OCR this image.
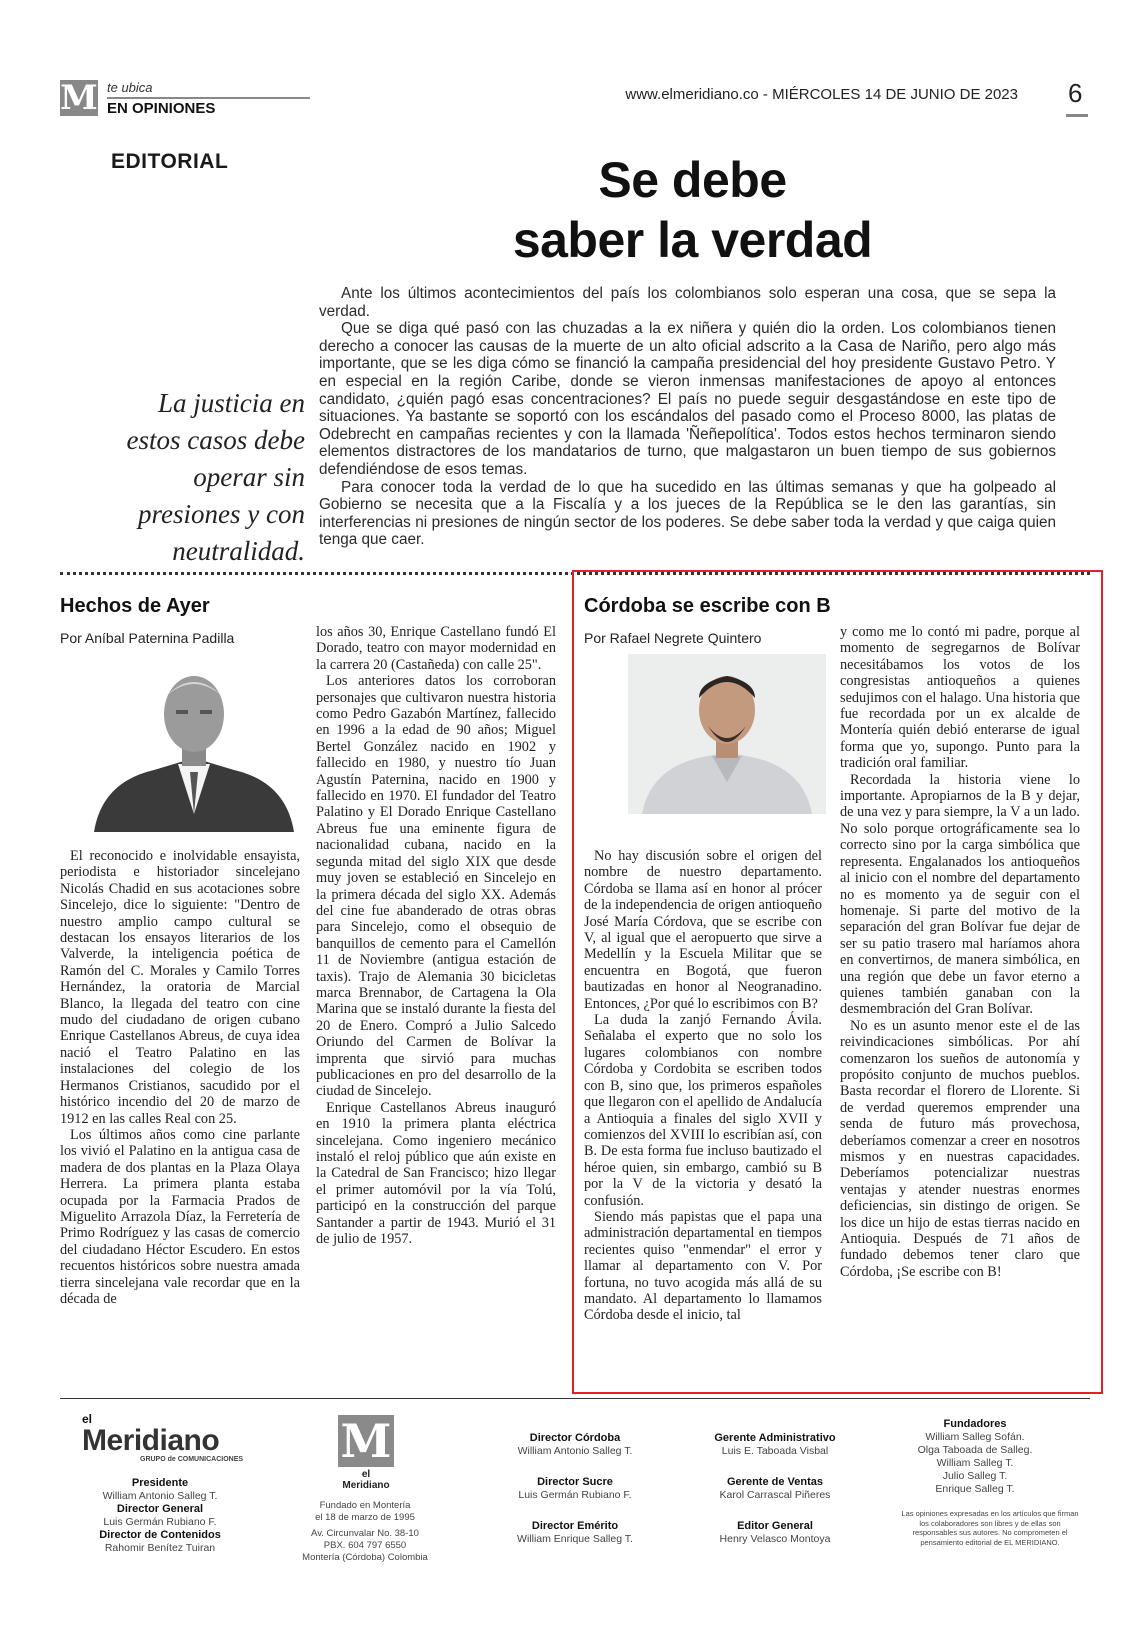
M te ubica
EN OPINIONES
www.elmeridiano.co - MIÉRCOLES 14 DE JUNIO DE 2023 6
EDITORIAL	Se debe
saber la verdad
La justicia en estos casos debe operar sin presiones y con neutralidad.

Ante los últimos acontecimientos del país los colombianos solo esperan una cosa, que se sepa la verdad.

Que se diga qué pasó con las chuzadas a la ex niñera y quién dio la orden. Los colombianos tienen derecho a conocer las causas de la muerte de un alto oficial adscrito a la Casa de Nariño, pero algo más importante, que se les diga cómo se financió la campaña presidencial del hoy presidente Gustavo Petro. Y en especial en la región Caribe, donde se vieron inmensas manifestaciones de apoyo al entonces candidato, ¿quién pagó esas concentraciones? El país no puede seguir desgastándose en este tipo de situaciones. Ya bastante se soportó con los escándalos del pasado como el Proceso 8000, las platas de Odebrecht en campañas recientes y con la llamada 'Ñeñepolítica'. Todos estos hechos terminaron siendo elementos distractores de los mandatarios de turno, que malgastaron un buen tiempo de sus gobiernos defendiéndose de esos temas.

Para conocer toda la verdad de lo que ha sucedido en las últimas semanas y que ha golpeado al Gobierno se necesita que a la Fiscalía y a los jueces de la República se le den las garantías, sin interferencias ni presiones de ningún sector de los poderes. Se debe saber toda la verdad y que caiga quien tenga que caer.

Hechos de Ayer
Por Aníbal Paternina Padilla

El reconocido e inolvidable ensayista, periodista e historiador sincelejano Nicolás Chadid en sus acotaciones sobre Sincelejo, dice lo siguiente: "Dentro de nuestro amplio campo cultural se destacan los ensayos literarios de los Valverde, la inteligencia poética de Ramón del C. Morales y Camilo Torres Hernández, la oratoria de Marcial Blanco, la llegada del teatro con cine mudo del ciudadano de origen cubano Enrique Castellanos Abreus, de cuya idea nació el Teatro Palatino en las instalaciones del colegio de los Hermanos Cristianos, sacudido por el histórico incendio del 20 de marzo de 1912 en las calles Real con 25.

Los últimos años como cine parlante los vivió el Palatino en la antigua casa de madera de dos plantas en la Plaza Olaya Herrera. La primera planta estaba ocupada por la Farmacia Prados de Miguelito Arrazola Díaz, la Ferretería de Primo Rodríguez y las casas de comercio del ciudadano Héctor Escudero. En estos recuentos históricos sobre nuestra amada tierra sincelejana vale recordar que en la década de

los años 30, Enrique Castellano fundó El Dorado, teatro con mayor modernidad en la carrera 20 (Castañeda) con calle 25".

Los anteriores datos los corroboran personajes que cultivaron nuestra historia como Pedro Gazabón Martínez, fallecido en 1996 a la edad de 90 años; Miguel Bertel González nacido en 1902 y fallecido en 1980, y nuestro tío Juan Agustín Paternina, nacido en 1900 y fallecido en 1970. El fundador del Teatro Palatino y El Dorado Enrique Castellano Abreus fue una eminente figura de nacionalidad cubana, nacido en la segunda mitad del siglo XIX que desde muy joven se estableció en Sincelejo en la primera década del siglo XX. Además del cine fue abanderado de otras obras para Sincelejo, como el obsequio de banquillos de cemento para el Camellón 11 de Noviembre (antigua estación de taxis). Trajo de Alemania 30 bicicletas marca Brennabor, de Cartagena la Ola Marina que se instaló durante la fiesta del 20 de Enero. Compró a Julio Salcedo Oriundo del Carmen de Bolívar la imprenta que sirvió para muchas publicaciones en pro del desarrollo de la ciudad de Sincelejo.

Enrique Castellanos Abreus inauguró en 1910 la primera planta eléctrica sincelejana. Como ingeniero mecánico instaló el reloj público que aún existe en la Catedral de San Francisco; hizo llegar el primer automóvil por la vía Tolú, participó en la construcción del parque Santander a partir de 1943. Murió el 31 de julio de 1957.

Córdoba se escribe con B
Por Rafael Negrete Quintero

No hay discusión sobre el origen del nombre de nuestro departamento. Córdoba se llama así en honor al prócer de la independencia de origen antioqueño José María Córdova, que se escribe con V, al igual que el aeropuerto que sirve a Medellín y la Escuela Militar que se encuentra en Bogotá, que fueron bautizadas en honor al Neogranadino. Entonces, ¿Por qué lo escribimos con B?

La duda la zanjó Fernando Ávila. Señalaba el experto que no solo los lugares colombianos con nombre Córdoba y Cordobita se escriben todos con B, sino que, los primeros españoles que llegaron con el apellido de Andalucía a Antioquia a finales del siglo XVII y comienzos del XVIII lo escribían así, con B. De esta forma fue incluso bautizado el héroe quien, sin embargo, cambió su B por la V de la victoria y desató la confusión.

Siendo más papistas que el papa una administración departamental en tiempos recientes quiso "enmendar" el error y llamar al departamento con V. Por fortuna, no tuvo acogida más allá de su mandato. Al departamento lo llamamos Córdoba desde el inicio, tal

y como me lo contó mi padre, porque al momento de segregarnos de Bolívar necesitábamos los votos de los congresistas antioqueños a quienes sedujimos con el halago. Una historia que fue recordada por un ex alcalde de Montería quién debió enterarse de igual forma que yo, supongo. Punto para la tradición oral familiar.

Recordada la historia viene lo importante. Apropiarnos de la B y dejar, de una vez y para siempre, la V a un lado. No solo porque ortográficamente sea lo correcto sino por la carga simbólica que representa. Engalanados los antioqueños al inicio con el nombre del departamento no es momento ya de seguir con el homenaje. Si parte del motivo de la separación del gran Bolívar fue dejar de ser su patio trasero mal haríamos ahora en convertirnos, de manera simbólica, en una región que debe un favor eterno a quienes también ganaban con la desmembración del Gran Bolívar.

No es un asunto menor este el de las reivindicaciones simbólicas. Por ahí comenzaron los sueños de autonomía y propósito conjunto de muchos pueblos. Basta recordar el florero de Llorente. Si de verdad queremos emprender una senda de futuro más provechosa, deberíamos comenzar a creer en nosotros mismos y en nuestras capacidades. Deberíamos potencializar nuestras ventajas y atender nuestras enormes deficiencias, sin distingo de origen. Se los dice un hijo de estas tierras nacido en Antioquia. Después de 71 años de fundado debemos tener claro que Córdoba, ¡Se escribe con B!

el
Meridiano
GRUPO de COMUNICACIONES
Presidente
William Antonio Salleg T.
Director General
Luis Germán Rubiano F.
Director de Contenidos
Rahomir Benítez Tuiran
M
el Meridiano
Fundado en Montería
el 18 de marzo de 1995
Av. Circunvalar No. 38-10
PBX. 604 797 6550
Montería (Córdoba) Colombia
Director Córdoba
William Antonio Salleg T.
Director Sucre
Luis Germán Rubiano F.
Director Emérito
William Enrique Salleg T.
Gerente Administrativo
Luis E. Taboada Visbal
Gerente de Ventas
Karol Carrascal Piñeres
Editor General
Henry Velasco Montoya
Fundadores
William Salleg Sofán.
Olga Taboada de Salleg.
William Salleg T.
Julio Salleg T.
Enrique Salleg T.
Las opiniones expresadas en los artículos que firman los colaboradores son libres y de ellas son responsables sus autores. No comprometen el pensamiento editorial de EL MERIDIANO.
